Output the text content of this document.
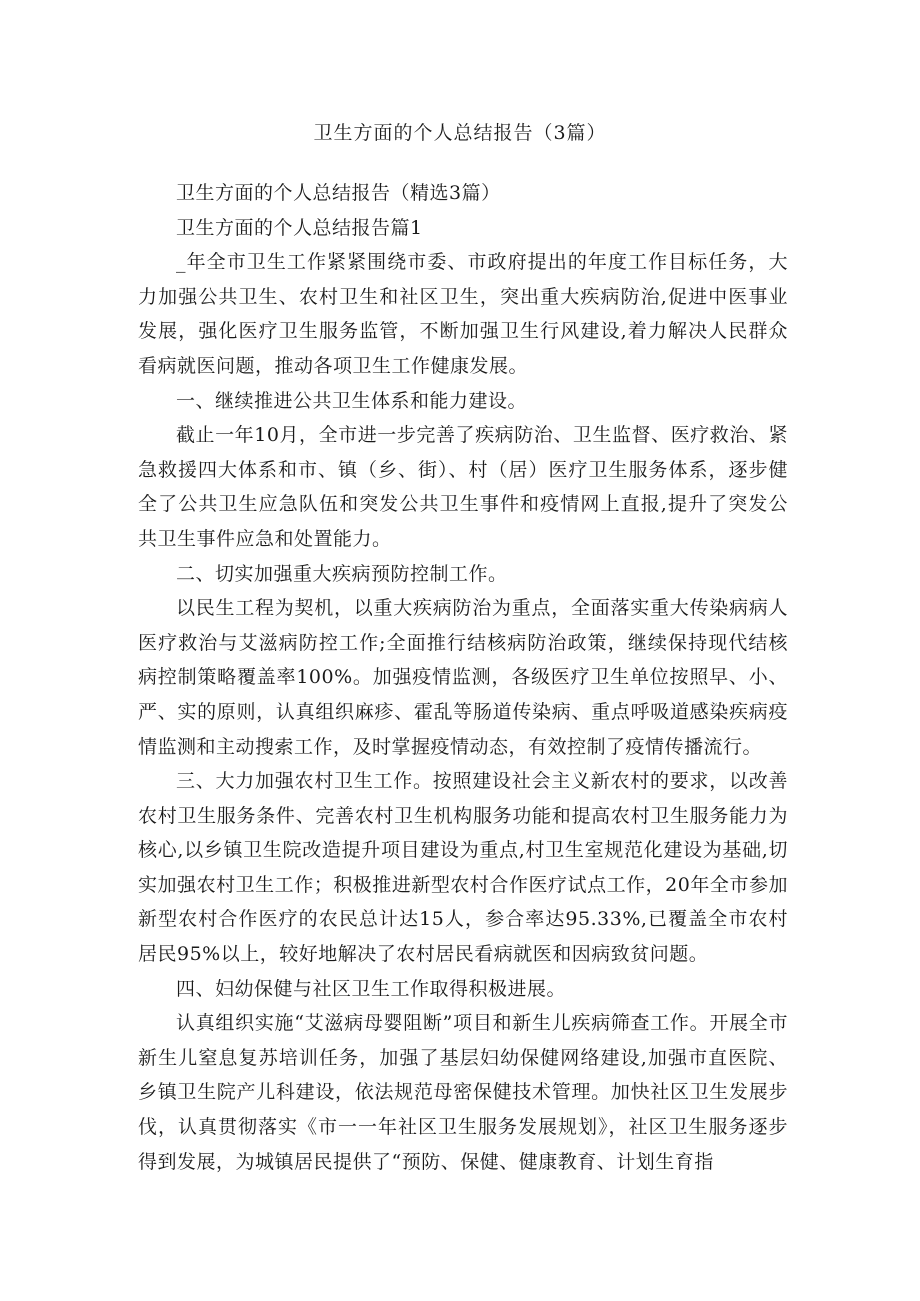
卫生方面的个人总结报告（3篇）

卫生方面的个人总结报告（精选3篇）

卫生方面的个人总结报告篇1

_年全市卫生工作紧紧围绕市委、市政府提出的年度工作目标任务，大力加强公共卫生、农村卫生和社区卫生，突出重大疾病防治,促进中医事业发展，强化医疗卫生服务监管，不断加强卫生行风建设,着力解决人民群众看病就医问题，推动各项卫生工作健康发展。

一、继续推进公共卫生体系和能力建设。

截止一年10月，全市进一步完善了疾病防治、卫生监督、医疗救治、紧急救援四大体系和市、镇（乡、街）、村（居）医疗卫生服务体系，逐步健全了公共卫生应急队伍和突发公共卫生事件和疫情网上直报,提升了突发公共卫生事件应急和处置能力。

二、切实加强重大疾病预防控制工作。

以民生工程为契机，以重大疾病防治为重点，全面落实重大传染病病人医疗救治与艾滋病防控工作;全面推行结核病防治政策，继续保持现代结核病控制策略覆盖率100%。加强疫情监测，各级医疗卫生单位按照早、小、严、实的原则，认真组织麻疹、霍乱等肠道传染病、重点呼吸道感染疾病疫情监测和主动搜索工作，及时掌握疫情动态，有效控制了疫情传播流行。

三、大力加强农村卫生工作。按照建设社会主义新农村的要求，以改善农村卫生服务条件、完善农村卫生机构服务功能和提高农村卫生服务能力为核心,以乡镇卫生院改造提升项目建设为重点,村卫生室规范化建设为基础,切实加强农村卫生工作；积极推进新型农村合作医疗试点工作，20年全市参加新型农村合作医疗的农民总计达15人，参合率达95.33%,已覆盖全市农村居民95%以上，较好地解决了农村居民看病就医和因病致贫问题。

四、妇幼保健与社区卫生工作取得积极进展。

认真组织实施“艾滋病母婴阻断”项目和新生儿疾病筛查工作。开展全市新生儿窒息复苏培训任务，加强了基层妇幼保健网络建设,加强市直医院、乡镇卫生院产儿科建设，依法规范母密保健技术管理。加快社区卫生发展步伐，认真贯彻落实《市一一年社区卫生服务发展规划》，社区卫生服务逐步得到发展，为城镇居民提供了“预防、保健、健康教育、计划生育指
